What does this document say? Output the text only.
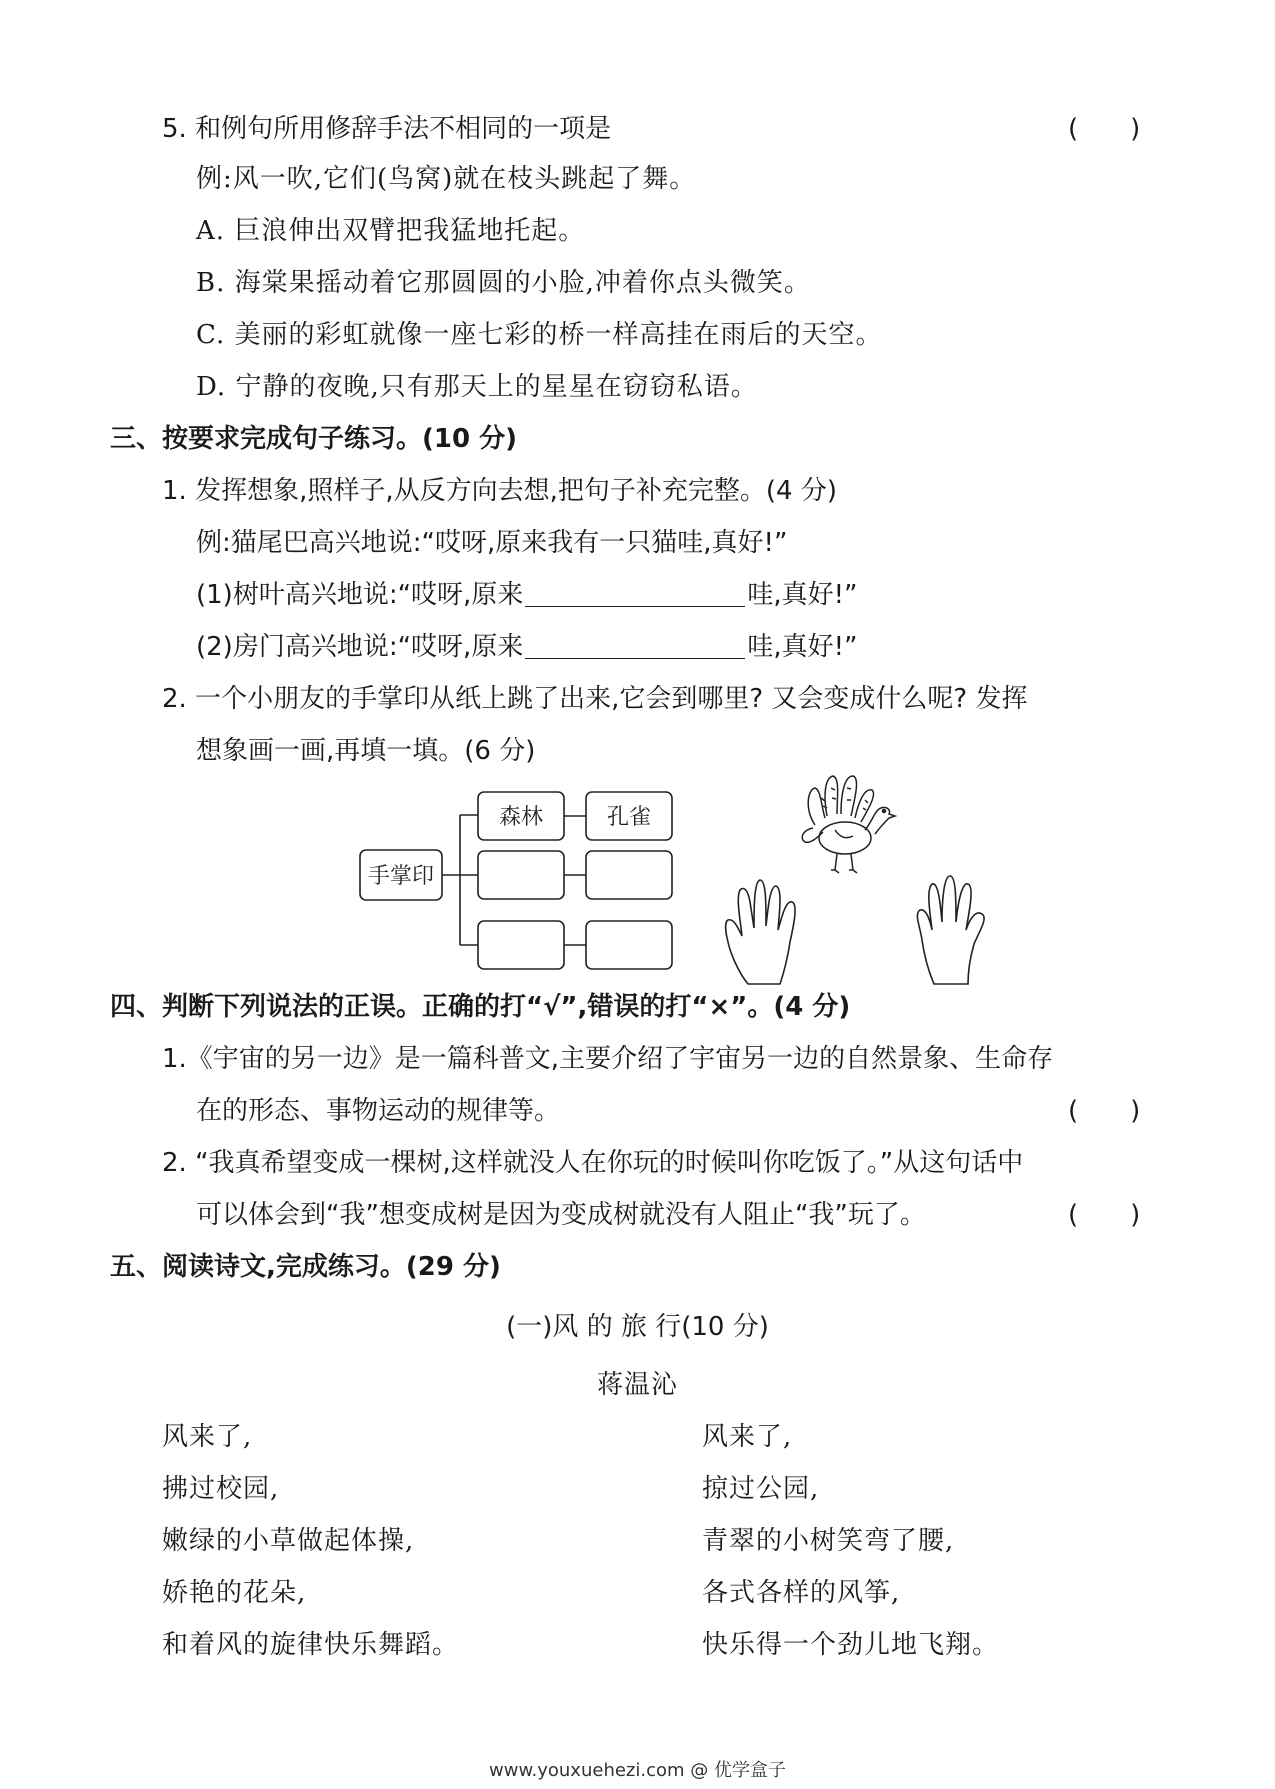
5. 和例句所用修辞手法不相同的一项是	(　　)
例:风一吹,它们(鸟窝)就在枝头跳起了舞。
A. 巨浪伸出双臂把我猛地托起。
B. 海棠果摇动着它那圆圆的小脸,冲着你点头微笑。
C. 美丽的彩虹就像一座七彩的桥一样高挂在雨后的天空。
D. 宁静的夜晚,只有那天上的星星在窃窃私语。
三、按要求完成句子练习。(10 分)
1. 发挥想象,照样子,从反方向去想,把句子补充完整。(4 分)
例:猫尾巴高兴地说:“哎呀,原来我有一只猫哇,真好!”
(1)树叶高兴地说:“哎呀,原来	哇,真好!”
(2)房门高兴地说:“哎呀,原来	哇,真好!”
2. 一个小朋友的手掌印从纸上跳了出来,它会到哪里? 又会变成什么呢? 发挥
想象画一画,再填一填。(6 分)
手掌印
森林	孔雀
四、判断下列说法的正误。正确的打“√”,错误的打“×”。(4 分)
1.《宇宙的另一边》是一篇科普文,主要介绍了宇宙另一边的自然景象、生命存
在的形态、事物运动的规律等。	(　　)
2. “我真希望变成一棵树,这样就没人在你玩的时候叫你吃饭了。”从这句话中
可以体会到“我”想变成树是因为变成树就没有人阻止“我”玩了。	(　　)
五、阅读诗文,完成练习。(29 分)
(一)风 的 旅 行(10 分)
蒋温沁
风来了,
拂过校园,
嫩绿的小草做起体操,
娇艳的花朵,
和着风的旋律快乐舞蹈。
风来了,
掠过公园,
青翠的小树笑弯了腰,
各式各样的风筝,
快乐得一个劲儿地飞翔。
www.youxuehezi.com @ 优学盒子
